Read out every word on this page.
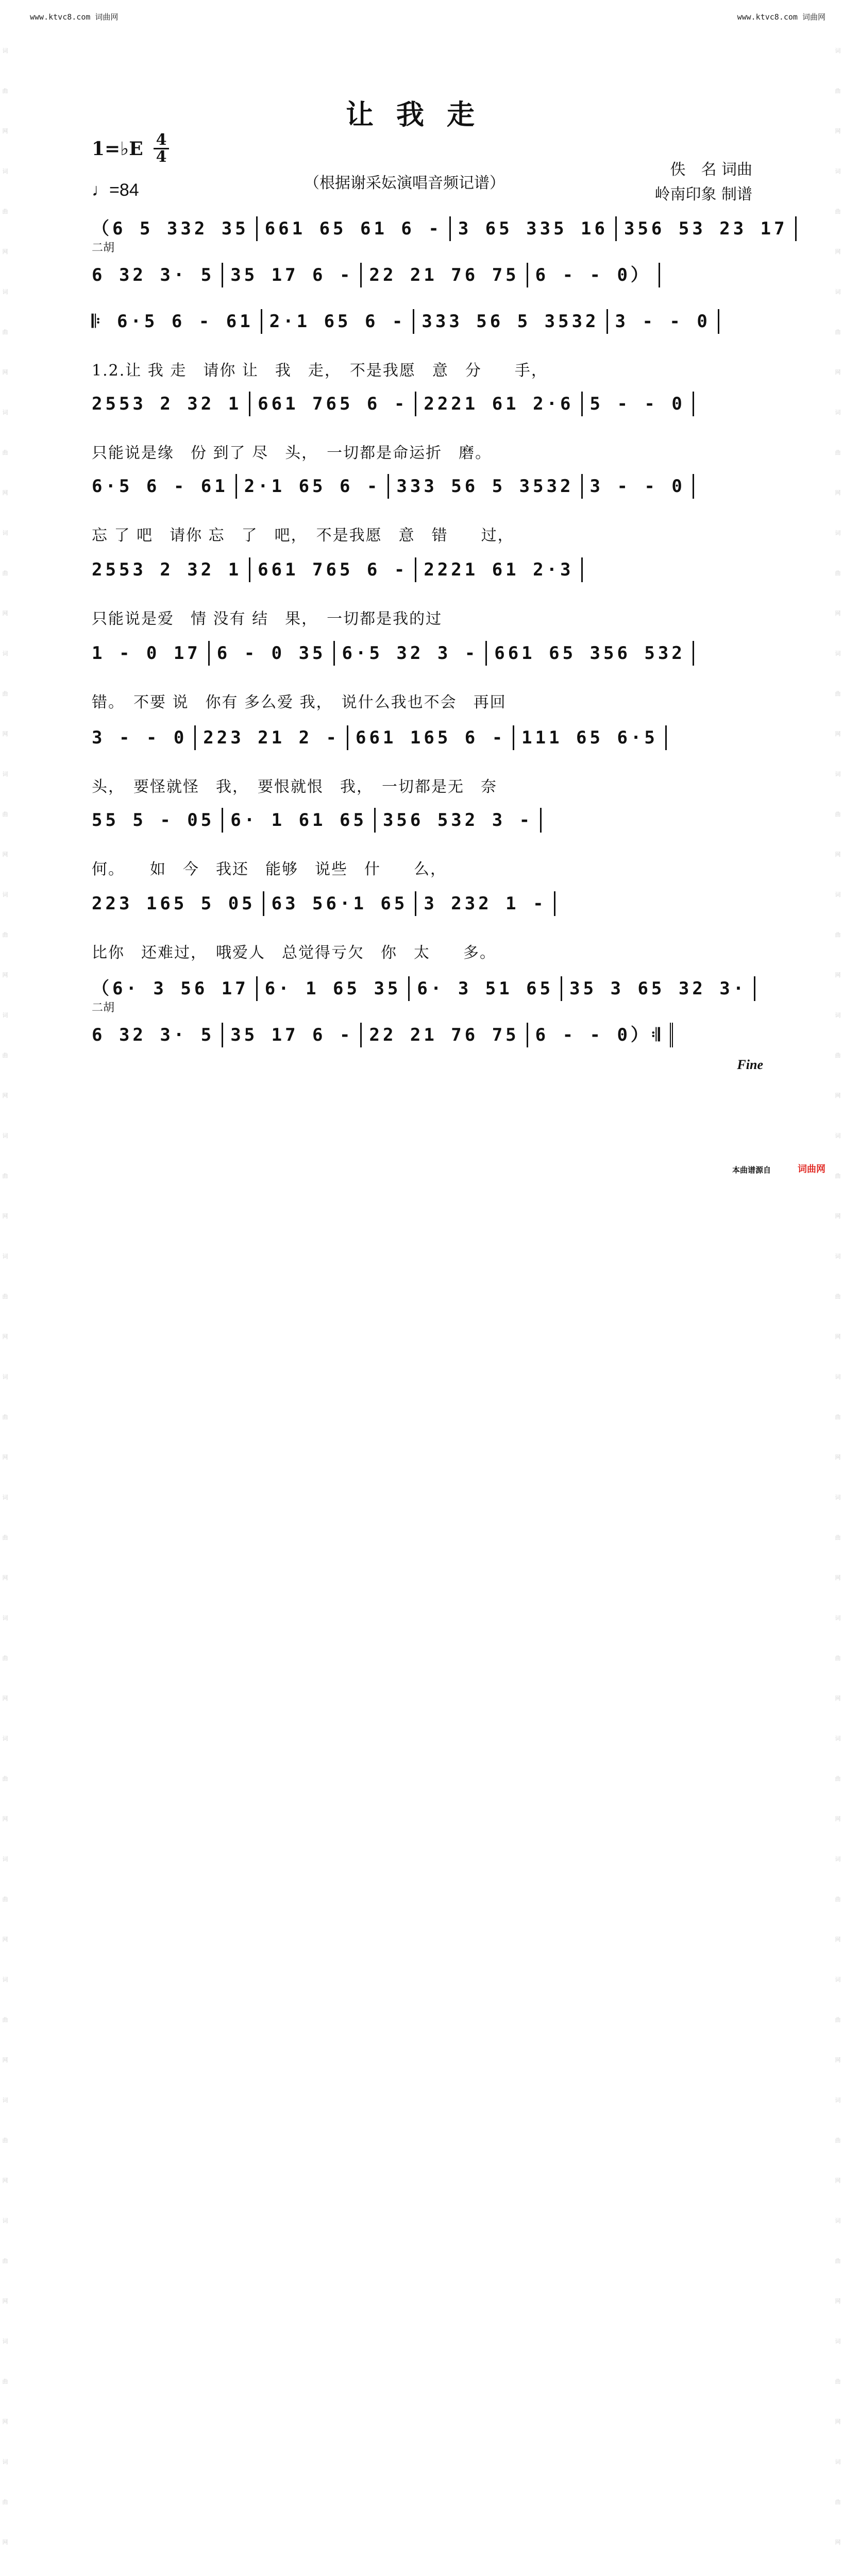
www.ktvc8.com 词曲网	www.ktvc8.com 词曲网
词曲网
词曲网
词曲网
词曲网
词曲网
词曲网
词曲网
词曲网
词曲网
词曲网
词曲网
词曲网
词曲网
词曲网
词曲网
词曲网
词曲网
词曲网
词曲网
词曲网
词曲网

词曲网
词曲网
词曲网
词曲网
词曲网
词曲网
词曲网
词曲网
词曲网
词曲网
词曲网
词曲网
词曲网
词曲网
词曲网
词曲网
词曲网
词曲网
词曲网
词曲网
词曲网

让我走
1=♭E 4
4
♩=84	（根据谢采妘演唱音频记谱）
佚　名 词曲
岭南印象 制谱
（6 5 332 35 661 65 61 6 - 3 65 335 16 356 53 23 17
二胡
6 32 3· 5 35 17 6 - 22 21 76 75 6 - - 0）
𝄆 6·5 6 - 61 2·1 65 6 - 333 56 5 3532 3 - - 0
1.2.让 我 走　请你 让　我　走，　不是我愿　意　分　　手，
2553 2 32 1 661 765 6 - 2221 61 2·6 5 - - 0
只能说是缘　份 到了 尽　头，　一切都是命运折　磨。
6·5 6 - 61 2·1 65 6 - 333 56 5 3532 3 - - 0
忘 了 吧　请你 忘　了　吧，　不是我愿　意　错　　过，
2553 2 32 1 661 765 6 - 2221 61 2·3
只能说是爱　情 没有 结　果，　一切都是我的过
1 - 0 17 6 - 0 35 6·5 32 3 - 661 65 356 532
错。　不要 说　你有 多么爱 我，　说什么我也不会　再回
3 - - 0 223 21 2 - 661 165 6 - 111 65 6·5
头，　要怪就怪　我，　要恨就恨　我，　一切都是无　奈
55 5 - 05 6· 1 61 65 356 532 3 -
何。　　如　今　我还　能够　说些　什　　么，
223 165 5 05 63 56·1 65 3 232 1 -
比你　还难过，　哦爱人　总觉得亏欠　你　太　　多。
（6· 3 56 17 6· 1 65 35 6· 3 51 65 35 3 65 32 3·
二胡
6 32 3· 5 35 17 6 - 22 21 76 75 6 - - 0）𝄇
Fine
本曲谱源自	词曲网
